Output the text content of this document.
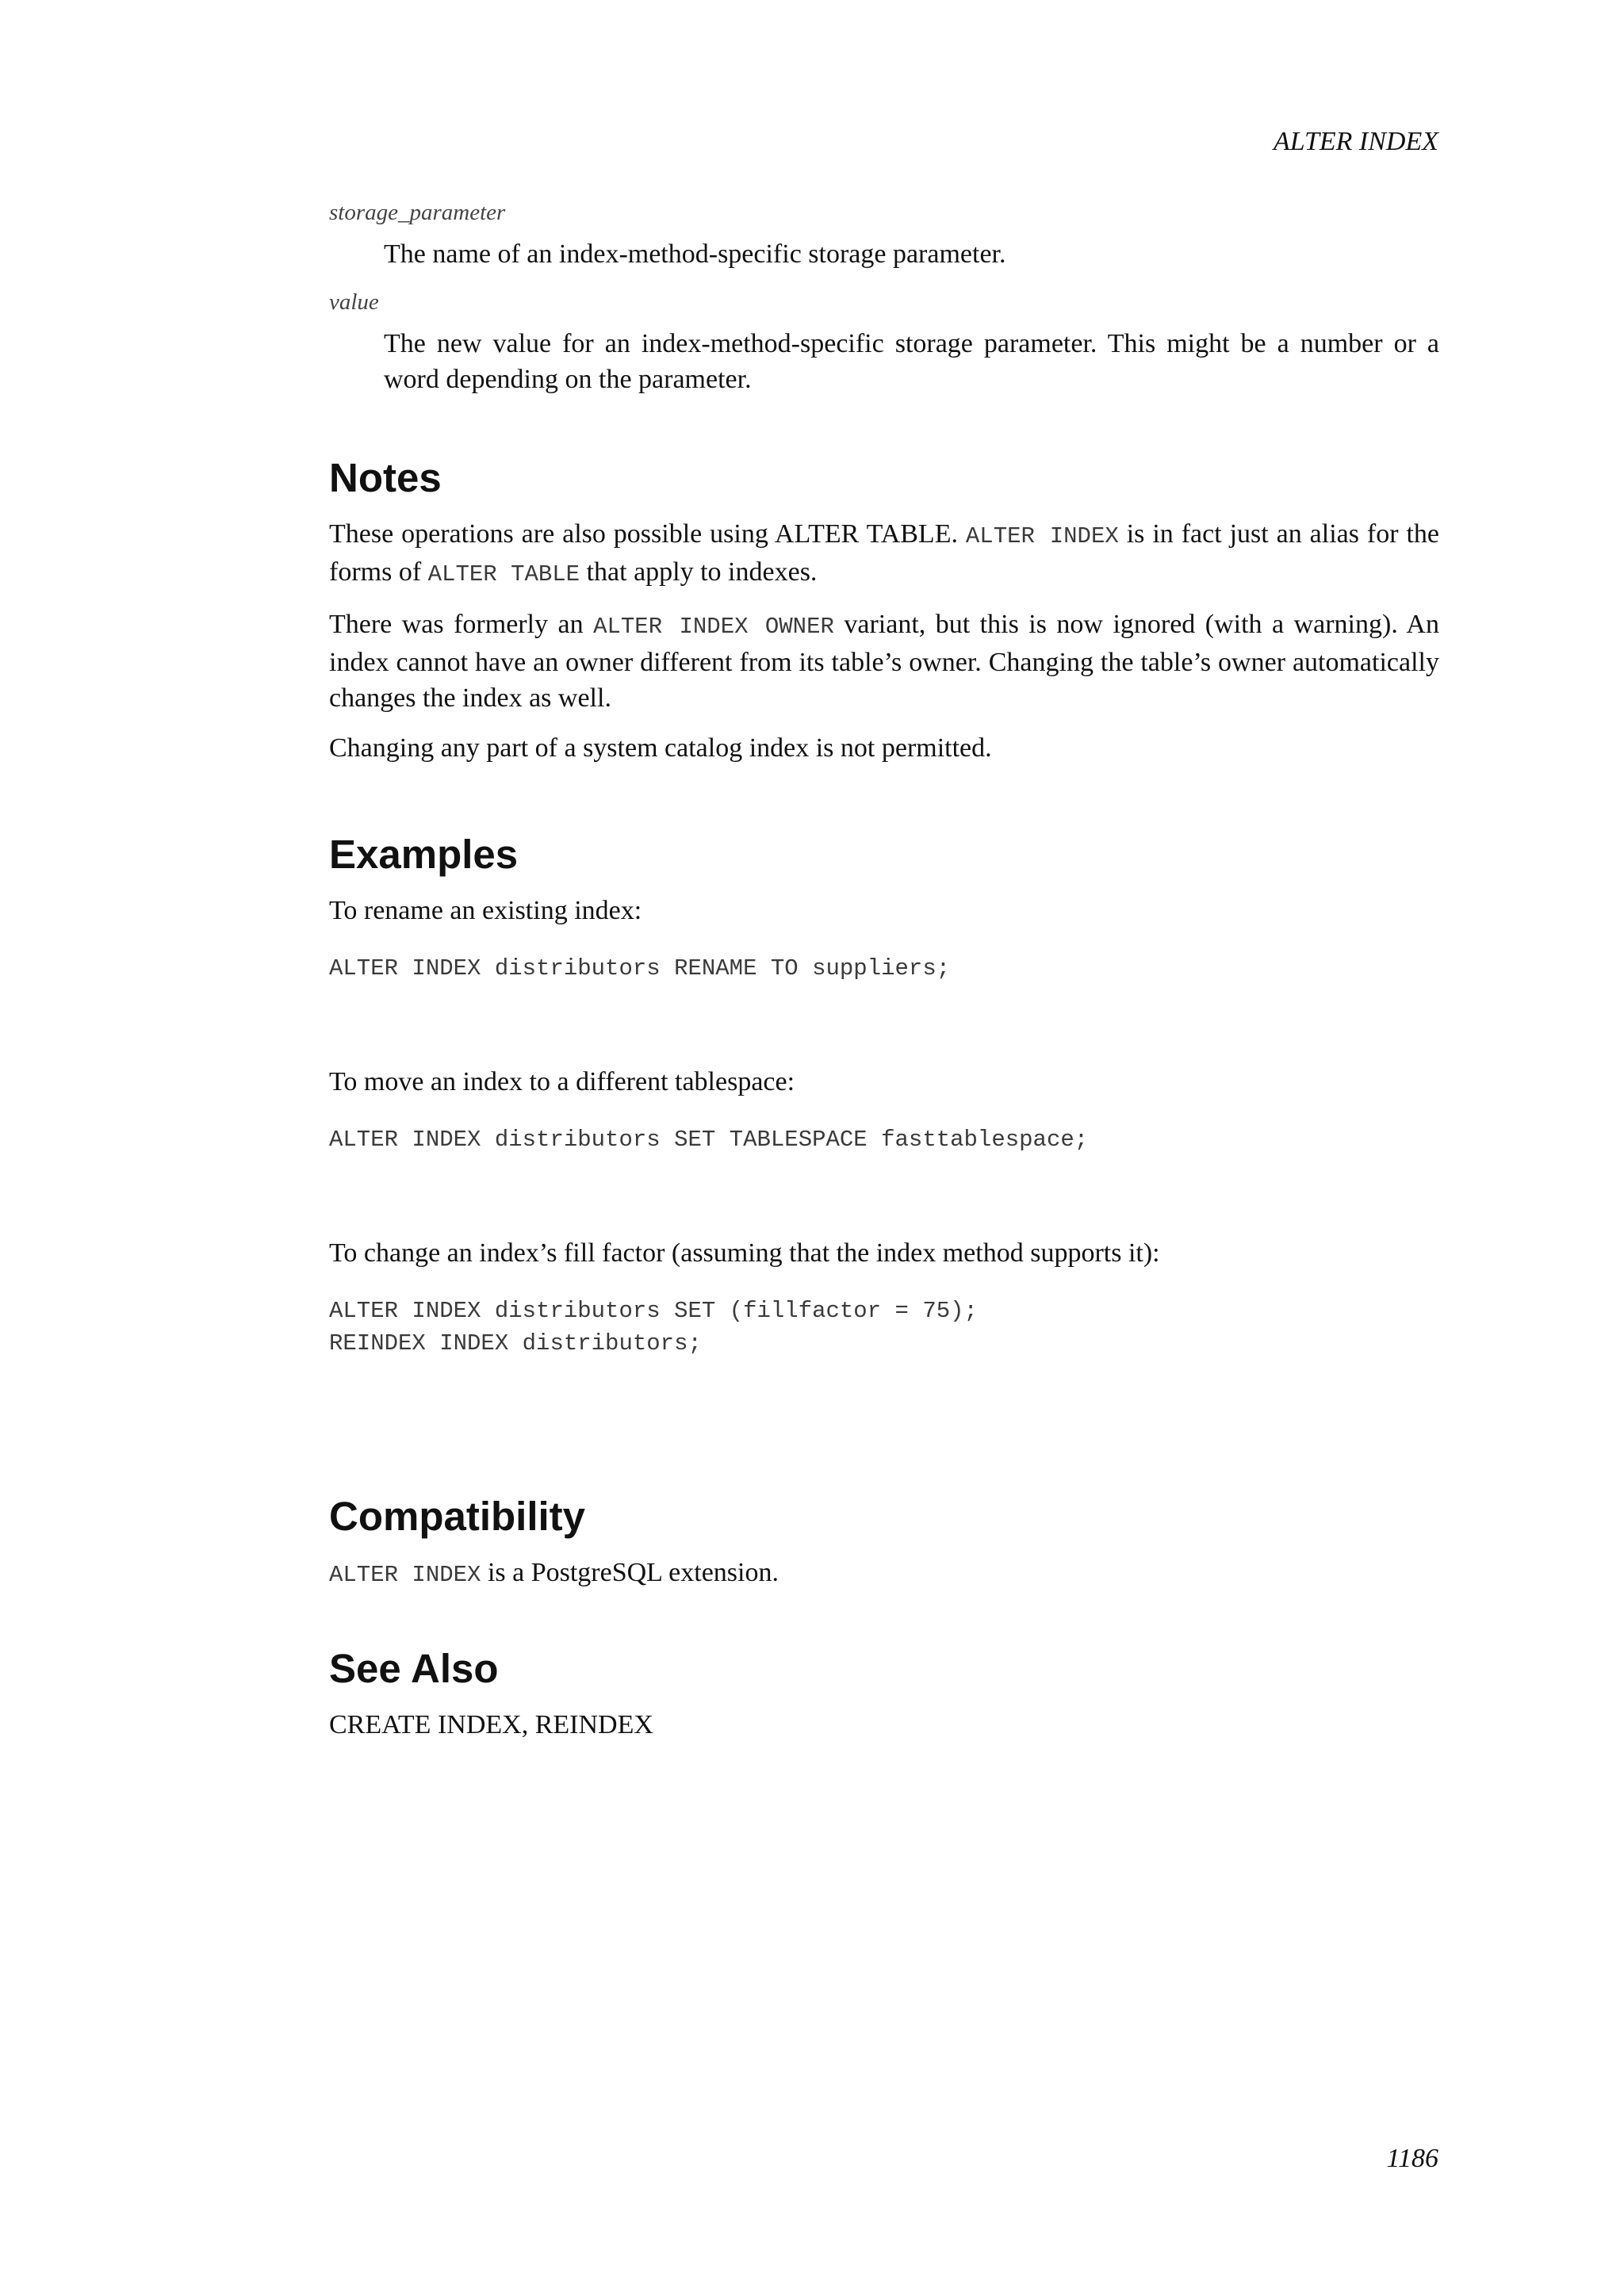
ALTER INDEX

storage_parameter

The name of an index-method-specific storage parameter.

value

The new value for an index-method-specific storage parameter. This might be a number or a word depending on the parameter.

Notes

These operations are also possible using ALTER TABLE. ALTER INDEX is in fact just an alias for the forms of ALTER TABLE that apply to indexes.

There was formerly an ALTER INDEX OWNER variant, but this is now ignored (with a warning). An index cannot have an owner different from its table’s owner. Changing the table’s owner automatically changes the index as well.

Changing any part of a system catalog index is not permitted.

Examples

To rename an existing index:

ALTER INDEX distributors RENAME TO suppliers;

To move an index to a different tablespace:

ALTER INDEX distributors SET TABLESPACE fasttablespace;

To change an index’s fill factor (assuming that the index method supports it):

ALTER INDEX distributors SET (fillfactor = 75);
REINDEX INDEX distributors;
Compatibility

ALTER INDEX is a PostgreSQL extension.

See Also

CREATE INDEX, REINDEX

1186
